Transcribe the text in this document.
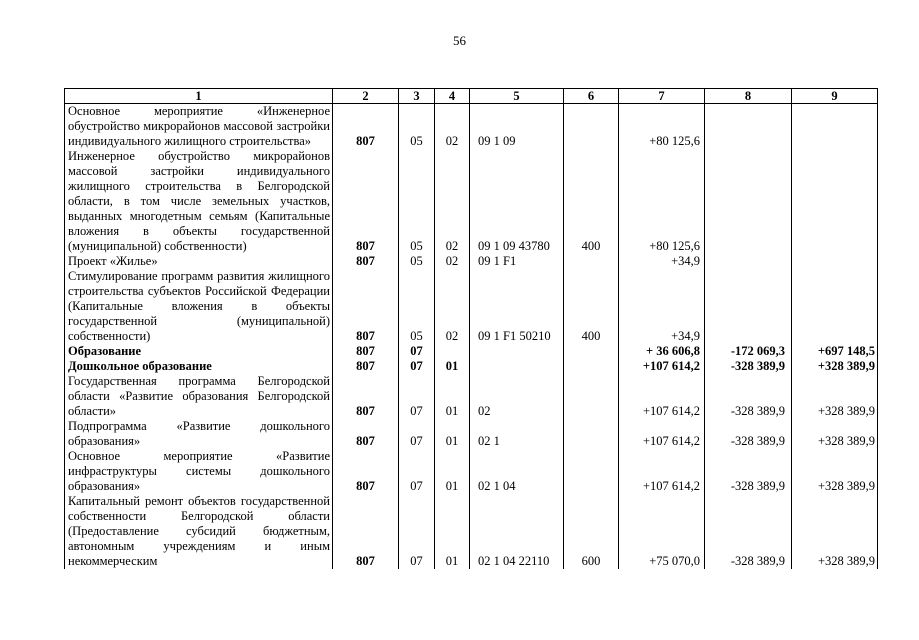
56
1	2	3	4	5	6	7	8	9
Основное мероприятие «Инженерное обустройство микрорайонов массовой застройки индивидуального жилищного строительства»	807	05	02	09 1 09		+80 125,6		
Инженерное обустройство микрорайонов массовой застройки индивидуального жилищного строительства в Белгородской области, в том числе земельных участков, выданных многодетным семьям (Капитальные вложения в объекты государственной (муниципальной) собственности)	807	05	02	09 1 09 43780	400	+80 125,6		
Проект «Жилье»	807	05	02	09 1 F1		+34,9		
Стимулирование программ развития жилищного строительства субъектов Российской Федерации (Капитальные вложения в объекты государственной (муниципальной) собственности)	807	05	02	09 1 F1 50210	400	+34,9		
Образование	807	07				+ 36 606,8	-172 069,3	+697 148,5
Дошкольное образование	807	07	01			+107 614,2	-328 389,9	+328 389,9
Государственная программа Белгородской области «Развитие образования Белгородской области»	807	07	01	02		+107 614,2	-328 389,9	+328 389,9
Подпрограмма «Развитие дошкольного образования»	807	07	01	02 1		+107 614,2	-328 389,9	+328 389,9
Основное мероприятие «Развитие инфраструктуры системы дошкольного образования»	807	07	01	02 1 04		+107 614,2	-328 389,9	+328 389,9
Капитальный ремонт объектов государственной собственности Белгородской области (Предоставление субсидий бюджетным, автономным учреждениям и иным некоммерческим	807	07	01	02 1 04 22110	600	+75 070,0	-328 389,9	+328 389,9
